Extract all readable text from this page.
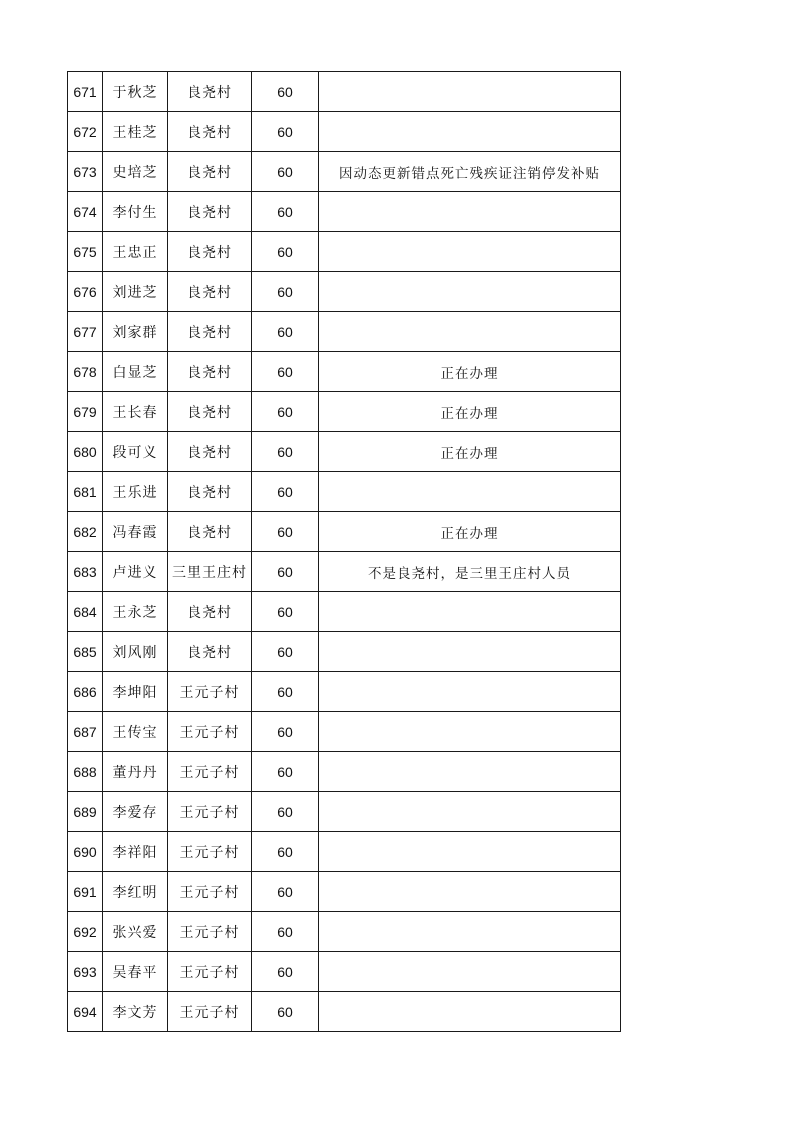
671	于秋芝	良尧村	60	
672	王桂芝	良尧村	60	
673	史培芝	良尧村	60	因动态更新错点死亡残疾证注销停发补贴
674	李付生	良尧村	60	
675	王忠正	良尧村	60	
676	刘进芝	良尧村	60	
677	刘家群	良尧村	60	
678	白显芝	良尧村	60	正在办理
679	王长春	良尧村	60	正在办理
680	段可义	良尧村	60	正在办理
681	王乐进	良尧村	60	
682	冯春霞	良尧村	60	正在办理
683	卢进义	三里王庄村	60	不是良尧村，是三里王庄村人员
684	王永芝	良尧村	60	
685	刘风刚	良尧村	60	
686	李坤阳	王元子村	60	
687	王传宝	王元子村	60	
688	董丹丹	王元子村	60	
689	李爱存	王元子村	60	
690	李祥阳	王元子村	60	
691	李红明	王元子村	60	
692	张兴爱	王元子村	60	
693	吴春平	王元子村	60	
694	李文芳	王元子村	60	
